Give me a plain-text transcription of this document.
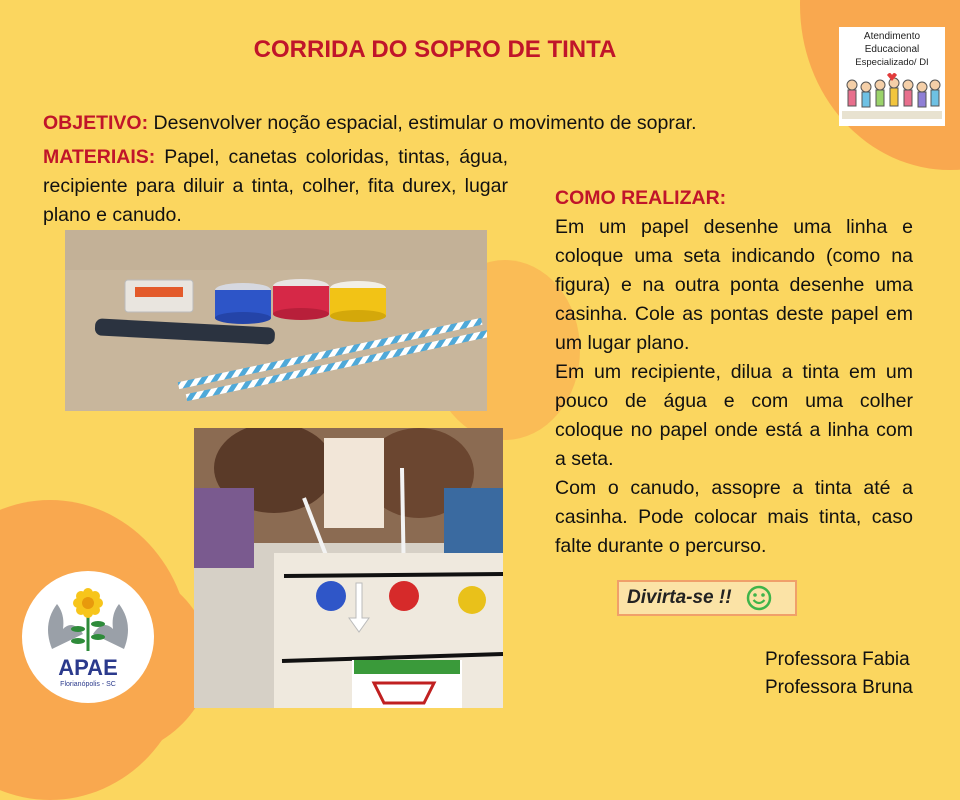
Atendimento
Educacional
Especializado/ DI
CORRIDA DO SOPRO DE TINTA
OBJETIVO: Desenvolver noção espacial, estimular o movimento de soprar.
MATERIAIS: Papel, canetas coloridas, tintas, água, recipiente para diluir a tinta, colher, fita durex, lugar plano e canudo.
COMO REALIZAR:
Em um papel desenhe uma linha e coloque uma seta indicando (como na figura) e na outra ponta desenhe uma casinha. Cole as pontas deste papel em um lugar plano.
Em um recipiente, dilua a tinta em um pouco de água e com uma colher coloque no papel onde está a linha com a seta.
Com o canudo, assopre a tinta até a casinha. Pode colocar mais tinta, caso falte durante o percurso.
Divirta-se !!
Professora Fabia
Professora Bruna
APAE
Florianópolis - SC
